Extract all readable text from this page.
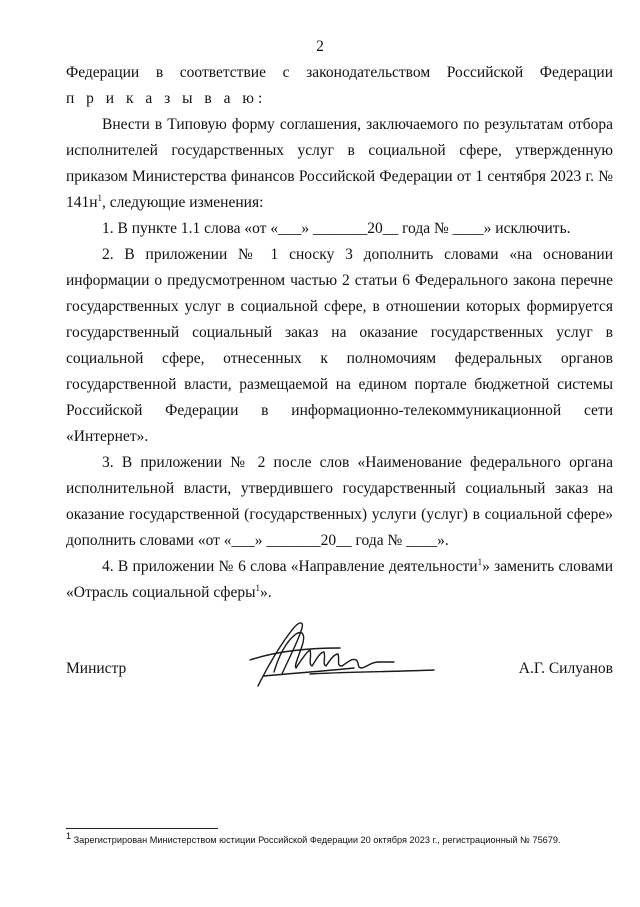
2

Федерации в соответствие с законодательством Российской Федерации

п р и к а з ы в а ю:

Внести в Типовую форму соглашения, заключаемого по результатам отбора исполнителей государственных услуг в социальной сфере, утвержденную приказом Министерства финансов Российской Федерации от 1 сентября 2023 г. № $141н^1$, следующие изменения:

1. В пункте 1.1 слова «от «___» _______20__ года № ____» исключить.

2. В приложении № 1 сноску 3 дополнить словами «на основании информации о предусмотренном частью 2 статьи 6 Федерального закона перечне государственных услуг в социальной сфере, в отношении которых формируется государственный социальный заказ на оказание государственных услуг в социальной сфере, отнесенных к полномочиям федеральных органов государственной власти, размещаемой на едином портале бюджетной системы Российской Федерации в информационно-телекоммуникационной сети «Интернет».

3. В приложении № 2 после слов «Наименование федерального органа исполнительной власти, утвердившего государственный социальный заказ на оказание государственной (государственных) услуги (услуг) в социальной сфере» дополнить словами «от «___» _______20__ года № ____».

4. В приложении № 6 слова «Направление деятельности$^1$» заменить словами «Отрасль социальной сферы$^1$».

Министр	А.Г. Силуанов
$^1$ Зарегистрирован Министерством юстиции Российской Федерации 20 октября 2023 г., регистрационный № 75679.
